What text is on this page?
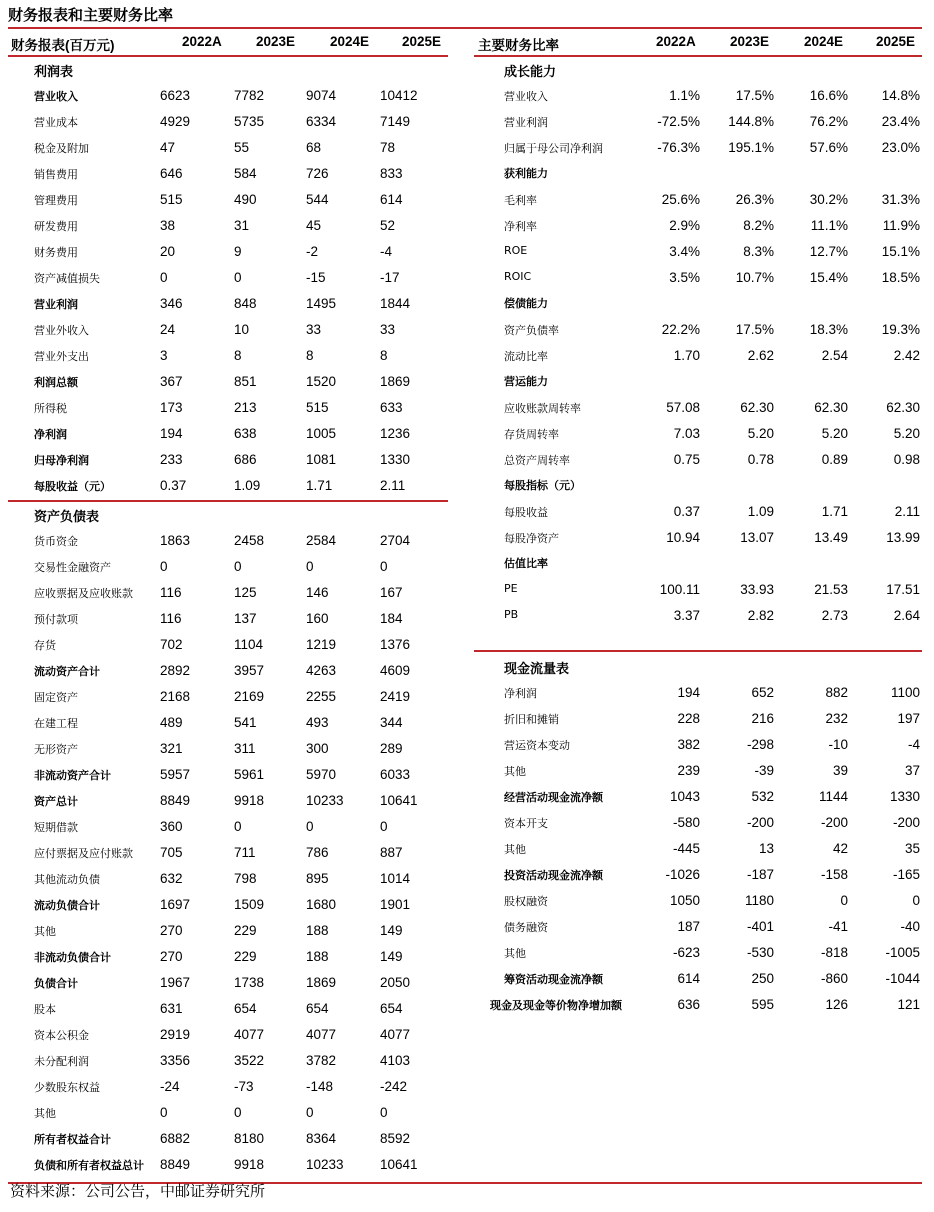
财务报表和主要财务比率
财务报表(百万元)	2022A	2023E	2024E 2025E
利润表
营业收入	6623	7782	9074	10412
营业成本	4929	5735	6334	7149
税金及附加	47	55	68	78
销售费用	646	584	726	833
管理费用	515	490	544	614
研发费用	38	31	45	52
财务费用	20	9	-2	-4
资产减值损失	0	0	-15	-17
营业利润	346	848	1495	1844
营业外收入	24	10	33	33
营业外支出	3	8	8	8
利润总额	367	851	1520	1869
所得税	173	213	515	633
净利润	194	638	1005	1236
归母净利润	233	686	1081	1330
每股收益（元）	0.37	1.09	1.71	2.11
资产负债表
货币资金	1863	2458	2584	2704
交易性金融资产	0	0	0	0
应收票据及应收账款 116	125	146	167
预付款项	116	137	160	184
存货	702	1104	1219	1376
流动资产合计	2892	3957	4263	4609
固定资产	2168	2169	2255	2419
在建工程	489	541	493	344
无形资产	321	311	300	289
非流动资产合计	5957	5961	5970	6033
资产总计	8849	9918	10233	10641
短期借款	360	0	0	0
应付票据及应付账款 705	711	786	887
其他流动负债	632	798	895	1014
流动负债合计	1697	1509	1680	1901
其他	270	229	188	149
非流动负债合计	270	229	188	149
负债合计	1967	1738	1869	2050
股本	631	654	654	654
资本公积金	2919	4077	4077	4077
未分配利润	3356	3522	3782	4103
少数股东权益	-24	-73	-148	-242
其他	0	0	0	0
所有者权益合计	6882	8180	8364	8592
负债和所有者权益总计 8849	9918	10233	10641
主要财务比率	2022A	2023E	2024E 2025E
成长能力
营业收入	1.1%	17.5%	16.6%	14.8%
营业利润	-72.5%	144.8%	76.2%	23.4%
归属于母公司净利润	-76.3%	195.1%	57.6%	23.0%
获利能力
毛利率	25.6%	26.3%	30.2%	31.3%
净利率	2.9%	8.2%	11.1%	11.9%
ROE	3.4%	8.3%	12.7%	15.1%
ROIC	3.5%	10.7%	15.4%	18.5%
偿债能力
资产负债率	22.2%	17.5%	18.3%	19.3%
流动比率	1.70	2.62	2.54	2.42
营运能力
应收账款周转率	57.08	62.30	62.30	62.30
存货周转率	7.03	5.20	5.20	5.20
总资产周转率	0.75	0.78	0.89	0.98
每股指标（元）
每股收益	0.37	1.09	1.71	2.11
每股净资产	10.94	13.07	13.49	13.99
估值比率
PE	100.11	33.93	21.53	17.51
PB	3.37	2.82	2.73	2.64
现金流量表
净利润	194	652	882	1100
折旧和摊销	228	216	232	197
营运资本变动	382	-298	-10	-4
其他	239	-39	39	37
经营活动现金流净额	1043	532	1144	1330
资本开支	-580	-200	-200	-200
其他	-445	13	42	35
投资活动现金流净额	-1026	-187	-158	-165
股权融资	1050	1180	0	0
债务融资	187	-401	-41	-40
其他	-623	-530	-818	-1005
筹资活动现金流净额	614	250	-860	-1044
现金及现金等价物净增加额	636	595	126	121
资料来源：公司公告，中邮证券研究所
